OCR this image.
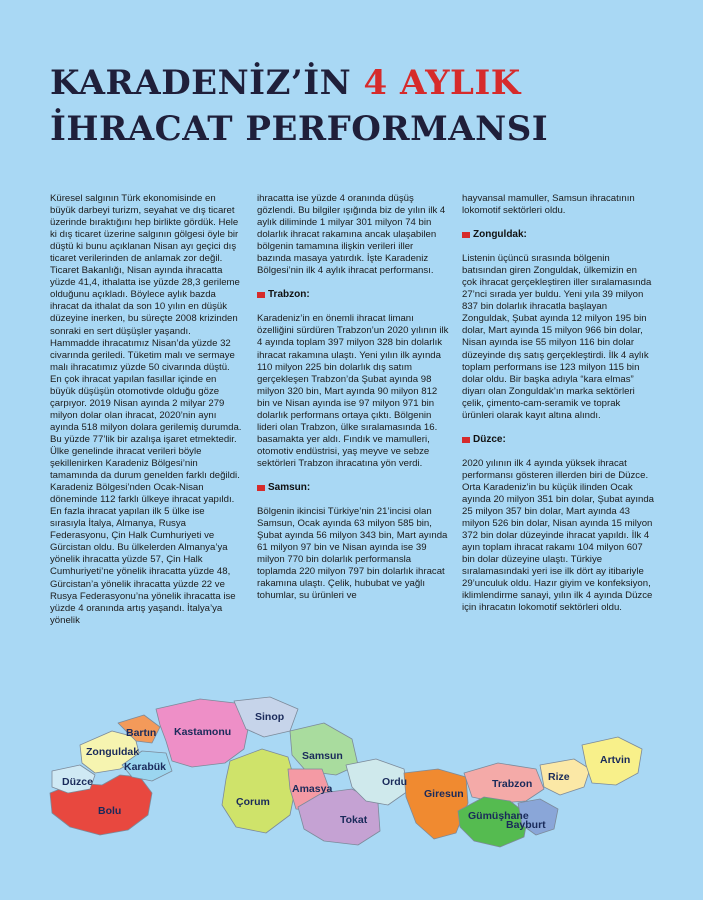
KARADENİZ’İN 4 AYLIK
İHRACAT PERFORMANSI

Küresel salgının Türk ekonomisinde en büyük darbeyi turizm, seyahat ve dış ticaret üzerinde bıraktığını hep birlikte gördük. Hele ki dış ticaret üzerine salgının gölgesi öyle bir düştü ki bunu açıklanan Nisan ayı geçici dış ticaret verilerinden de anlamak zor değil. Ticaret Bakanlığı, Nisan ayında ihracatta yüzde 41,4, ithalatta ise yüzde 28,3 gerileme olduğunu açıkladı. Böylece aylık bazda ihracat da ithalat da son 10 yılın en düşük düzeyine inerken, bu süreçte 2008 krizinden sonraki en sert düşüşler yaşandı. Hammadde ihracatımız Nisan’da yüzde 32 civarında geriledi. Tüketim malı ve sermaye malı ihracatımız yüzde 50 civarında düştü. En çok ihracat yapılan fasıllar içinde en büyük düşüşün otomotivde olduğu göze çarpıyor. 2019 Nisan ayında 2 milyar 279 milyon dolar olan ihracat, 2020’nin aynı ayında 518 milyon dolara gerilemiş durumda. Bu yüzde 77’lik bir azalışa işaret etmektedir. Ülke genelinde ihracat verileri böyle şekillenirken Karadeniz Bölgesi’nin tamamında da durum genelden farklı değildi. Karadeniz Bölgesi’nden Ocak-Nisan döneminde 112 farklı ülkeye ihracat yapıldı. En fazla ihracat yapılan ilk 5 ülke ise sırasıyla İtalya, Almanya, Rusya Federasyonu, Çin Halk Cumhuriyeti ve Gürcistan oldu. Bu ülkelerden Almanya’ya yönelik ihracatta yüzde 57, Çin Halk Cumhuriyeti’ne yönelik ihracatta yüzde 48, Gürcistan’a yönelik ihracatta yüzde 22 ve Rusya Federasyonu’na yönelik ihracatta ise yüzde 4 oranında artış yaşandı. İtalya’ya yönelik

ihracatta ise yüzde 4 oranında düşüş gözlendi. Bu bilgiler ışığında biz de yılın ilk 4 aylık diliminde 1 milyar 301 milyon 74 bin dolarlık ihracat rakamına ancak ulaşabilen bölgenin tamamına ilişkin verileri iller bazında masaya yatırdık. İşte Karadeniz Bölgesi’nin ilk 4 aylık ihracat performansı.

Trabzon:

Karadeniz’in en önemli ihracat limanı özelliğini sürdüren Trabzon’un 2020 yılının ilk 4 ayında toplam 397 milyon 328 bin dolarlık ihracat rakamına ulaştı. Yeni yılın ilk ayında 110 milyon 225 bin dolarlık dış satım gerçekleşen Trabzon’da Şubat ayında 98 milyon 320 bin, Mart ayında 90 milyon 812 bin ve Nisan ayında ise 97 milyon 971 bin dolarlık performans ortaya çıktı. Bölgenin lideri olan Trabzon, ülke sıralamasında 16. basamakta yer aldı. Fındık ve mamulleri, otomotiv endüstrisi, yaş meyve ve sebze sektörleri Trabzon ihracatına yön verdi.

Samsun:

Bölgenin ikincisi Türkiye’nin 21’incisi olan Samsun, Ocak ayında 63 milyon 585 bin, Şubat ayında 56 milyon 343 bin, Mart ayında 61 milyon 97 bin ve Nisan ayında ise 39 milyon 770 bin dolarlık performansla toplamda 220 milyon 797 bin dolarlık ihracat rakamına ulaştı. Çelik, hububat ve yağlı tohumlar, su ürünleri ve

hayvansal mamuller, Samsun ihracatının lokomotif sektörleri oldu.

Zonguldak:

Listenin üçüncü sırasında bölgenin batısından giren Zonguldak, ülkemizin en çok ihracat gerçekleştiren iller sıralamasında 27’nci sırada yer buldu. Yeni yıla 39 milyon 837 bin dolarlık ihracatla başlayan Zonguldak, Şubat ayında 12 milyon 195 bin dolar, Mart ayında 15 milyon 966 bin dolar, Nisan ayında ise 55 milyon 116 bin dolar düzeyinde dış satış gerçekleştirdi. İlk 4 aylık toplam performans ise 123 milyon 115 bin dolar oldu. Bir başka adıyla “kara elmas” diyarı olan Zonguldak’ın marka sektörleri çelik, çimento-cam-seramik ve toprak ürünleri olarak kayıt altına alındı.

Düzce:

2020 yılının ilk 4 ayında yüksek ihracat performansı gösteren illerden biri de Düzce. Orta Karadeniz’in bu küçük ilinden Ocak ayında 20 milyon 351 bin dolar, Şubat ayında 25 milyon 357 bin dolar, Mart ayında 43 milyon 526 bin dolar, Nisan ayında 15 milyon 372 bin dolar düzeyinde ihracat yapıldı. İlk 4 ayın toplam ihracat rakamı 104 milyon 607 bin dolar düzeyine ulaştı. Türkiye sıralamasındaki yeri ise ilk dört ay itibariyle 29’unculuk oldu. Hazır giyim ve konfeksiyon, iklimlendirme sanayi, yılın ilk 4 ayında Düzce için ihracatın lokomotif sektörleri oldu.

Düzce
Bolu
Zonguldak
Bartın
Karabük
Kastamonu
Sinop
Çorum
Samsun
Amasya
Tokat
Ordu
Giresun
Gümüşhane
Trabzon
Bayburt
Rize
Artvin
